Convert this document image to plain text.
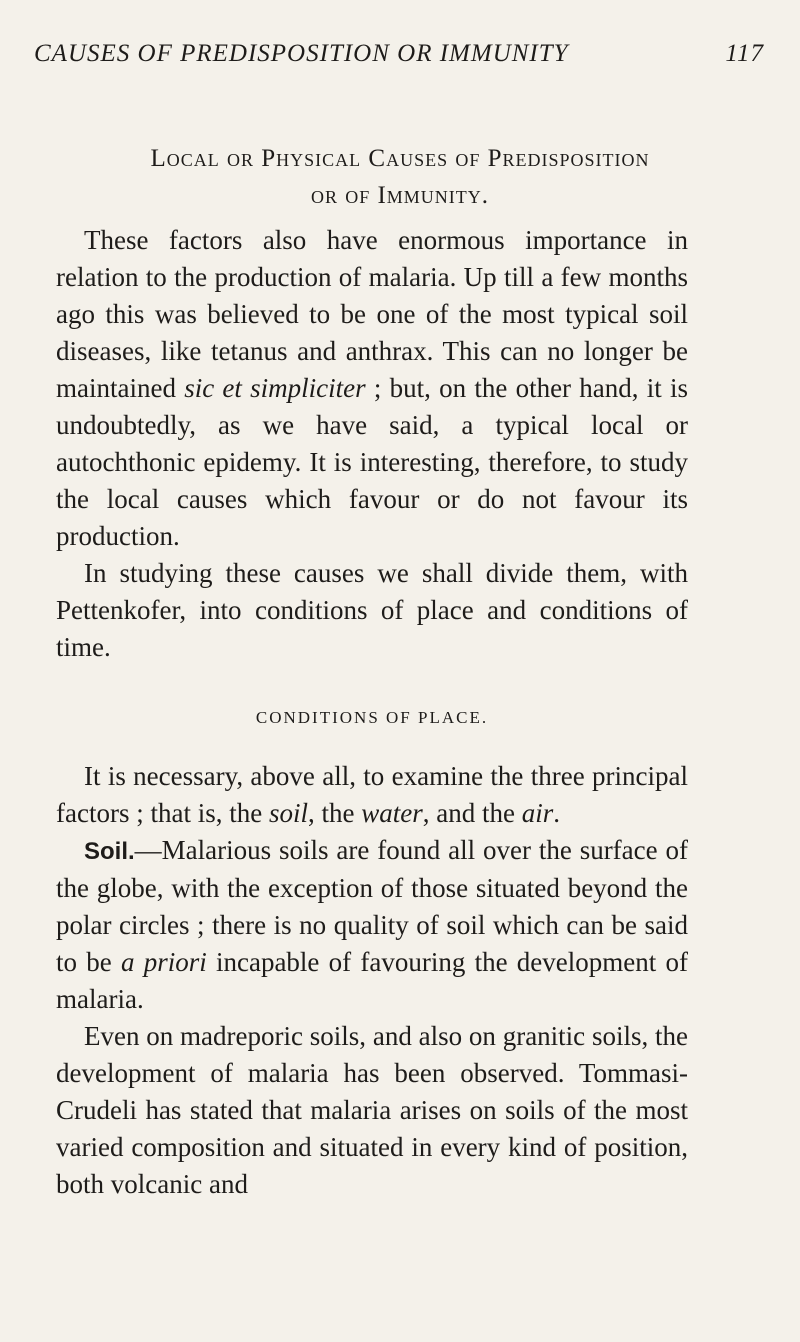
CAUSES OF PREDISPOSITION OR IMMUNITY	117
Local or Physical Causes of Predisposition
or of Immunity.

These factors also have enormous importance in relation to the production of malaria. Up till a few months ago this was believed to be one of the most typical soil diseases, like tetanus and anthrax. This can no longer be maintained sic et simpliciter ; but, on the other hand, it is undoubtedly, as we have said, a typical local or autochthonic epidemy. It is interesting, therefore, to study the local causes which favour or do not favour its production.

In studying these causes we shall divide them, with Pettenkofer, into conditions of place and conditions of time.

CONDITIONS OF PLACE.

It is necessary, above all, to examine the three principal factors ; that is, the soil, the water, and the air.

Soil.—Malarious soils are found all over the surface of the globe, with the exception of those situated beyond the polar circles ; there is no quality of soil which can be said to be a priori incapable of favouring the development of malaria.

Even on madreporic soils, and also on granitic soils, the development of malaria has been observed. Tommasi-Crudeli has stated that malaria arises on soils of the most varied composition and situated in every kind of position, both volcanic and
